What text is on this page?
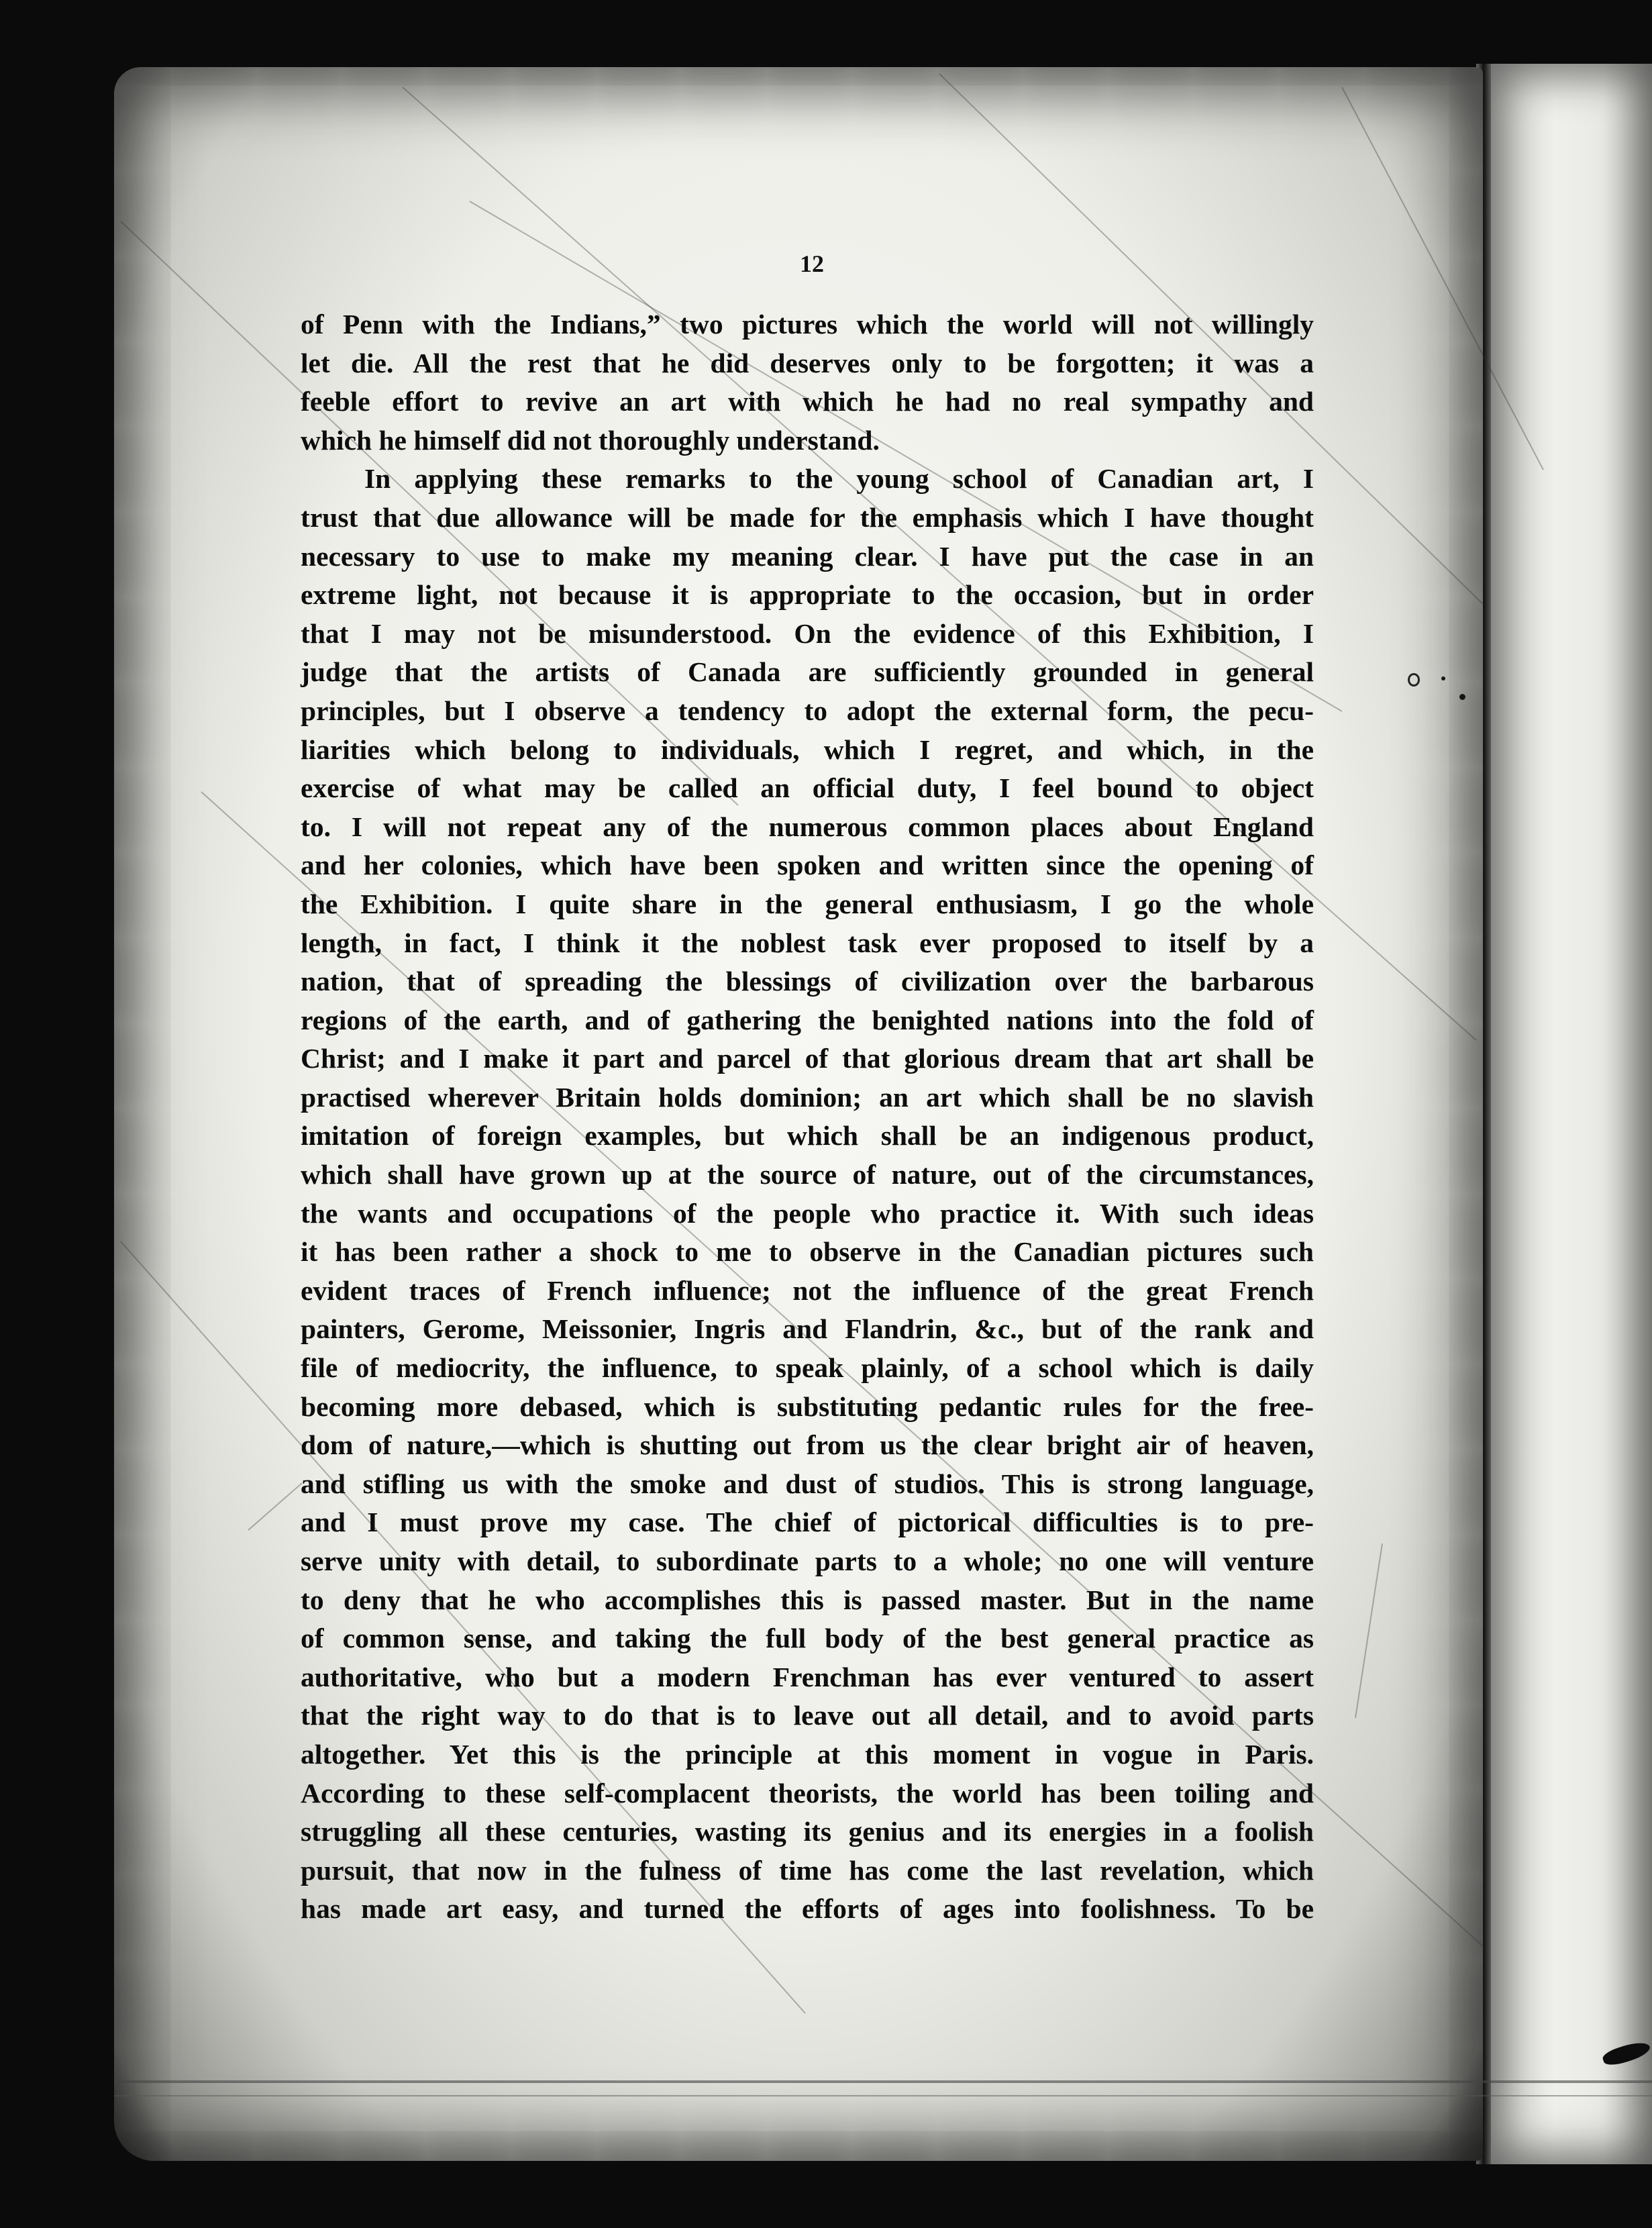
12
of Penn with the Indians,” two pictures which the world will not willingly
let die. All the rest that he did deserves only to be forgotten; it was a
feeble effort to revive an art with which he had no real sympathy and
which he himself did not thoroughly understand.
In applying these remarks to the young school of Canadian art, I
trust that due allowance will be made for the emphasis which I have thought
necessary to use to make my meaning clear. I have put the case in an
extreme light, not because it is appropriate to the occasion, but in order
that I may not be misunderstood. On the evidence of this Exhibition, I
judge that the artists of Canada are sufficiently grounded in general
principles, but I observe a tendency to adopt the external form, the pecu-
liarities which belong to individuals, which I regret, and which, in the
exercise of what may be called an official duty, I feel bound to object
to. I will not repeat any of the numerous common places about England
and her colonies, which have been spoken and written since the opening of
the Exhibition. I quite share in the general enthusiasm, I go the whole
length, in fact, I think it the noblest task ever proposed to itself by a
nation, that of spreading the blessings of civilization over the barbarous
regions of the earth, and of gathering the benighted nations into the fold of
Christ; and I make it part and parcel of that glorious dream that art shall be
practised wherever Britain holds dominion; an art which shall be no slavish
imitation of foreign examples, but which shall be an indigenous product,
which shall have grown up at the source of nature, out of the circumstances,
the wants and occupations of the people who practice it. With such ideas
it has been rather a shock to me to observe in the Canadian pictures such
evident traces of French influence; not the influence of the great French
painters, Gerome, Meissonier, Ingris and Flandrin, &c., but of the rank and
file of mediocrity, the influence, to speak plainly, of a school which is daily
becoming more debased, which is substituting pedantic rules for the free-
dom of nature,—which is shutting out from us the clear bright air of heaven,
and stifling us with the smoke and dust of studios. This is strong language,
and I must prove my case. The chief of pictorical difficulties is to pre-
serve unity with detail, to subordinate parts to a whole; no one will venture
to deny that he who accomplishes this is passed master. But in the name
of common sense, and taking the full body of the best general practice as
authoritative, who but a modern Frenchman has ever ventured to assert
that the right way to do that is to leave out all detail, and to avoid parts
altogether. Yet this is the principle at this moment in vogue in Paris.
According to these self-complacent theorists, the world has been toiling and
struggling all these centuries, wasting its genius and its energies in a foolish
pursuit, that now in the fulness of time has come the last revelation, which
has made art easy, and turned the efforts of ages into foolishness. To be
